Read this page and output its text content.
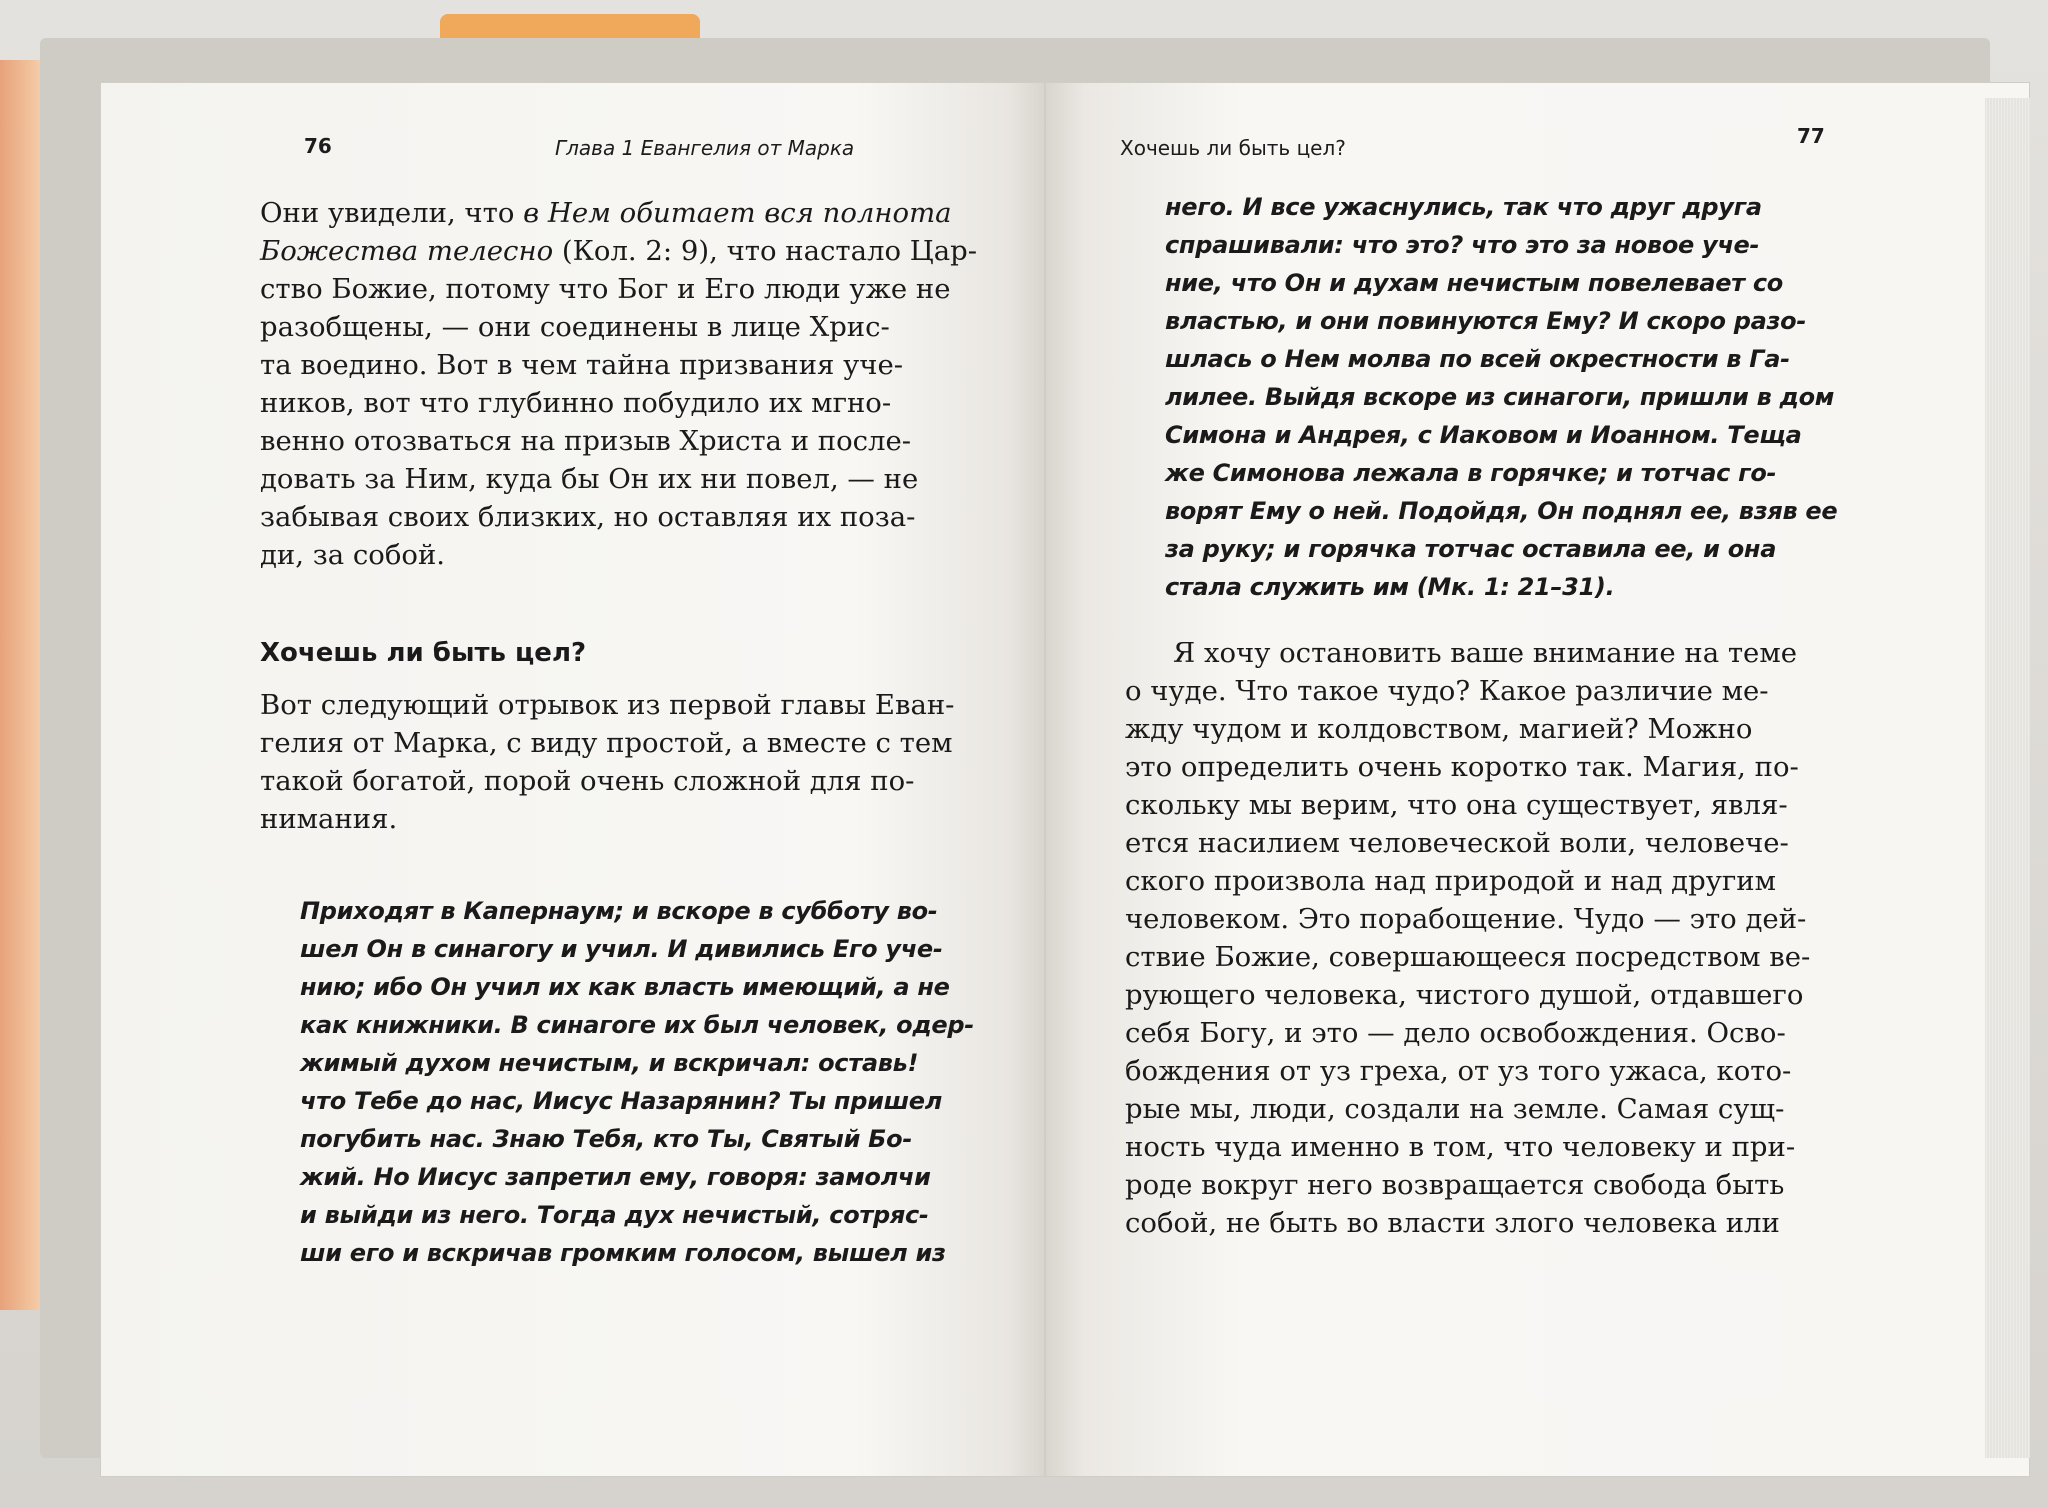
76	Глава 1 Евангелия от Марка

Они увидели, что в Нем обитает вся полнота
Божества телесно (Кол. 2: 9), что настало Цар-
ство Божие, потому что Бог и Его люди уже не
разобщены, — они соединены в лице Хрис-
та воедино. Вот в чем тайна призвания уче-
ников, вот что глубинно побудило их мгно-
венно отозваться на призыв Христа и после-
довать за Ним, куда бы Он их ни повел, — не
забывая своих близких, но оставляя их поза-
ди, за собой.

Хочешь ли быть цел?

Вот следующий отрывок из первой главы Еван-
гелия от Марка, с виду простой, а вместе с тем
такой богатой, порой очень сложной для по-
нимания.

Приходят в Капернаум; и вскоре в субботу во-
шел Он в синагогу и учил. И дивились Его уче-
нию; ибо Он учил их как власть имеющий, а не
как книжники. В синагоге их был человек, одер-
жимый духом нечистым, и вскричал: оставь!
что Тебе до нас, Иисус Назарянин? Ты пришел
погубить нас. Знаю Тебя, кто Ты, Святый Бо-
жий. Но Иисус запретил ему, говоря: замолчи
и выйди из него. Тогда дух нечистый, сотряс-
ши его и вскричав громким голосом, вышел из

Хочешь ли быть цел?	77

него. И все ужаснулись, так что друг друга
спрашивали: что это? что это за новое уче-
ние, что Он и духам нечистым повелевает со
властью, и они повинуются Ему? И скоро разо-
шлась о Нем молва по всей окрестности в Га-
лилее. Выйдя вскоре из синагоги, пришли в дом
Симона и Андрея, с Иаковом и Иоанном. Теща
же Симонова лежала в горячке; и тотчас го-
ворят Ему о ней. Подойдя, Он поднял ее, взяв ее
за руку; и горячка тотчас оставила ее, и она
стала служить им (Мк. 1: 21–31).

Я хочу остановить ваше внимание на теме
о чуде. Что такое чудо? Какое различие ме-
жду чудом и колдовством, магией? Можно
это определить очень коротко так. Магия, по-
скольку мы верим, что она существует, явля-
ется насилием человеческой воли, человече-
ского произвола над природой и над другим
человеком. Это порабощение. Чудо — это дей-
ствие Божие, совершающееся посредством ве-
рующего человека, чистого душой, отдавшего
себя Богу, и это — дело освобождения. Осво-
бождения от уз греха, от уз того ужаса, кото-
рые мы, люди, создали на земле. Самая сущ-
ность чуда именно в том, что человеку и при-
роде вокруг него возвращается свобода быть
собой, не быть во власти злого человека или
